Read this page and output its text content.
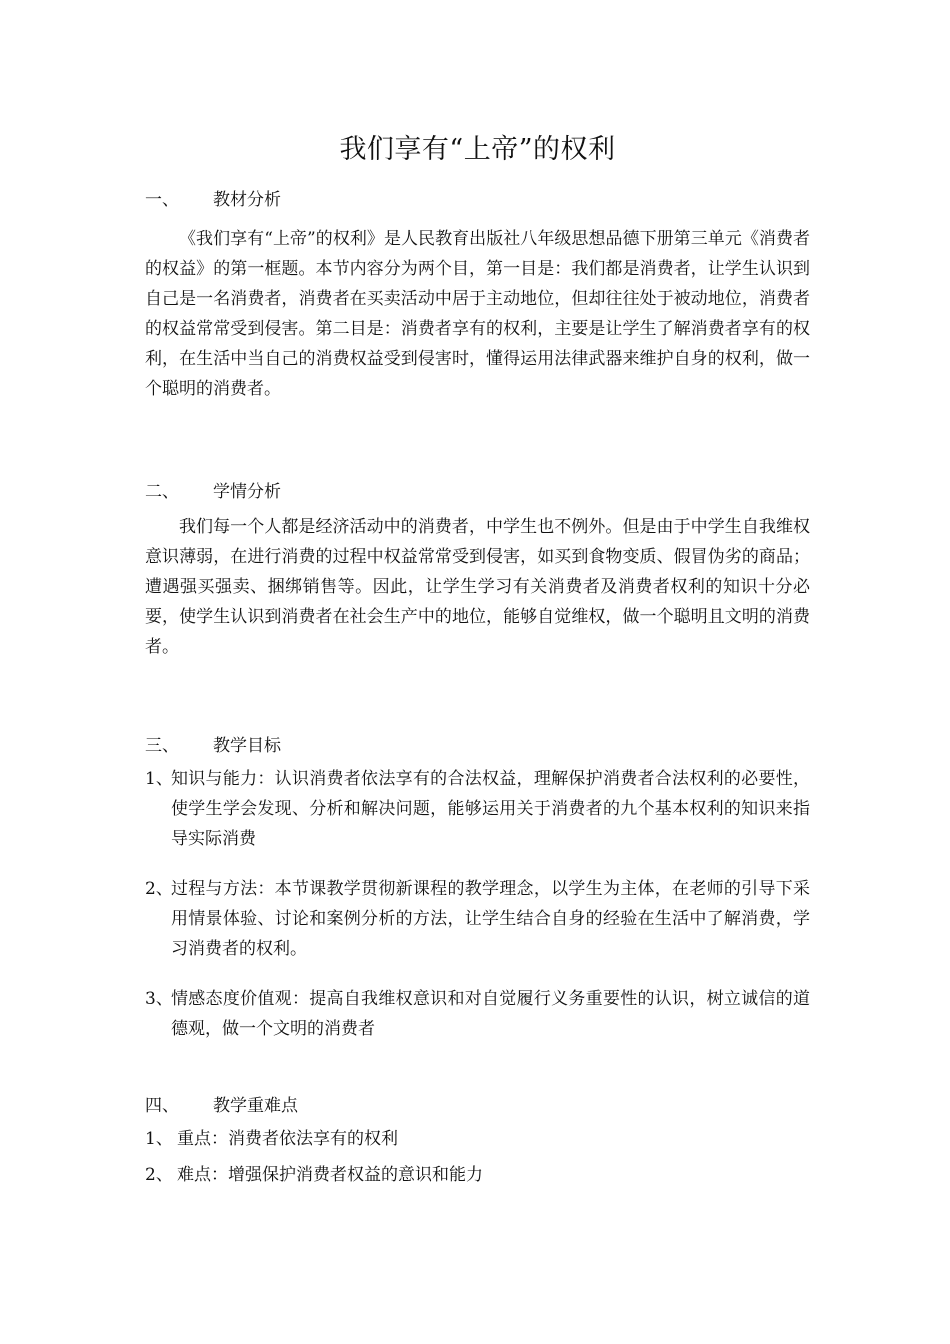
我们享有“上帝”的权利
一、 教材分析

《我们享有“上帝”的权利》是人民教育出版社八年级思想品德下册第三单元《消费者的权益》的第一框题。本节内容分为两个目，第一目是：我们都是消费者，让学生认识到自己是一名消费者，消费者在买卖活动中居于主动地位，但却往往处于被动地位，消费者的权益常常受到侵害。第二目是：消费者享有的权利，主要是让学生了解消费者享有的权利，在生活中当自己的消费权益受到侵害时，懂得运用法律武器来维护自身的权利，做一个聪明的消费者。

二、 学情分析

我们每一个人都是经济活动中的消费者，中学生也不例外。但是由于中学生自我维权意识薄弱，在进行消费的过程中权益常常受到侵害，如买到食物变质、假冒伪劣的商品；遭遇强买强卖、捆绑销售等。因此，让学生学习有关消费者及消费者权利的知识十分必要，使学生认识到消费者在社会生产中的地位，能够自觉维权，做一个聪明且文明的消费者。

三、 教学目标
1、
知识与能力：认识消费者依法享有的合法权益，理解保护消费者合法权利的必要性，使学生学会发现、分析和解决问题，能够运用关于消费者的九个基本权利的知识来指导实际消费
2、
过程与方法：本节课教学贯彻新课程的教学理念，以学生为主体，在老师的引导下采用情景体验、讨论和案例分析的方法，让学生结合自身的经验在生活中了解消费，学习消费者的权利。
3、
情感态度价值观：提高自我维权意识和对自觉履行义务重要性的认识，树立诚信的道德观，做一个文明的消费者
四、 教学重难点
1、 重点：消费者依法享有的权利
2、 难点：增强保护消费者权益的意识和能力
